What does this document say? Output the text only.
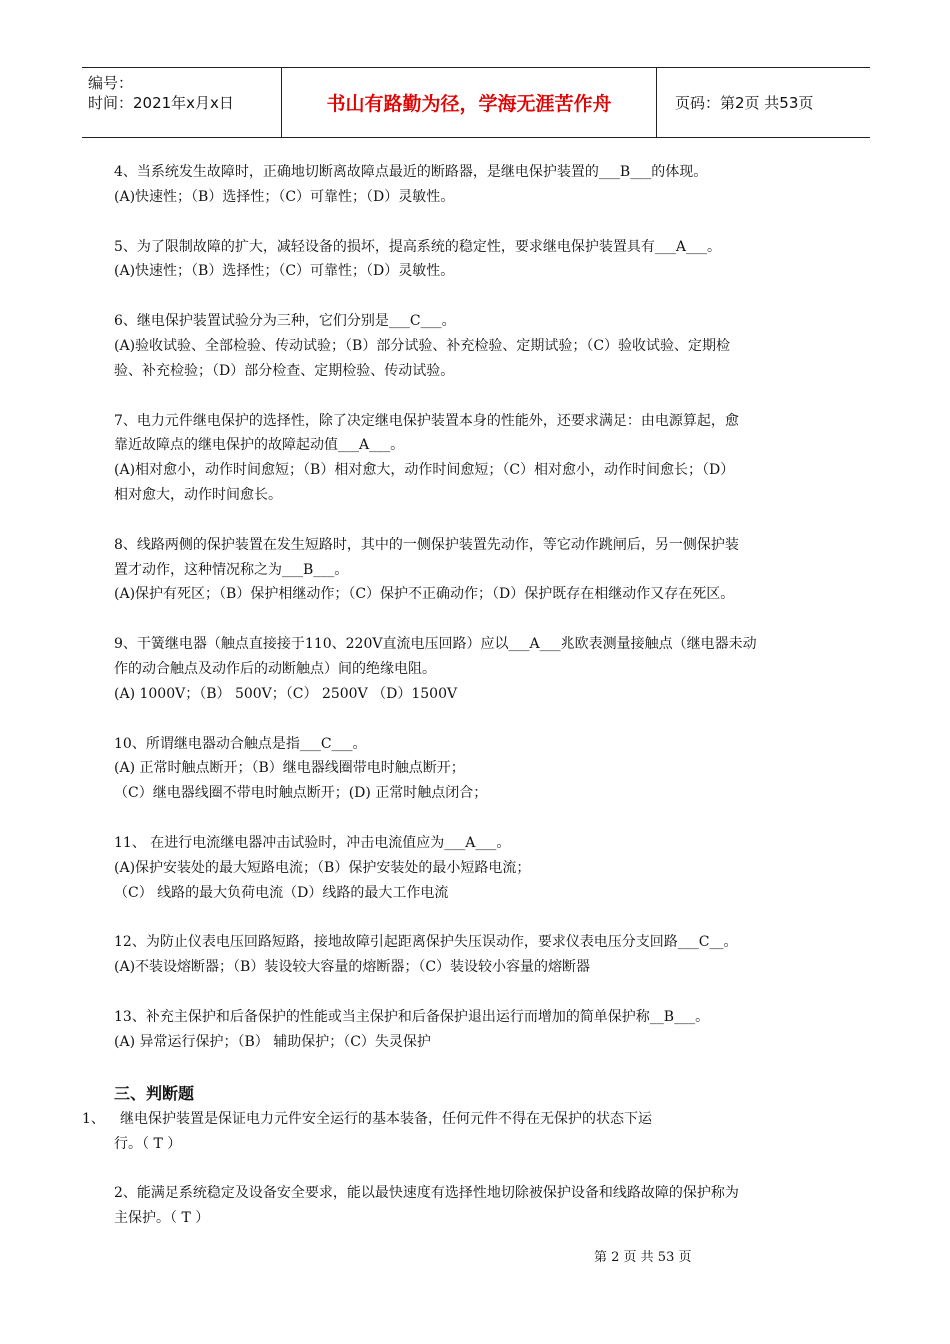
编号：
时间：2021年x月x日	书山有路勤为径，学海无涯苦作舟	页码：第2页 共53页

4、当系统发生故障时，正确地切断离故障点最近的断路器，是继电保护装置的___B___的体现。

(A)快速性；（B）选择性；（C）可靠性；（D）灵敏性。

5、为了限制故障的扩大，减轻设备的损坏，提高系统的稳定性，要求继电保护装置具有___A___。

(A)快速性；（B）选择性；（C）可靠性；（D）灵敏性。

6、继电保护装置试验分为三种，它们分别是___C___。

(A)验收试验、全部检验、传动试验；（B）部分试验、补充检验、定期试验；（C）验收试验、定期检

验、补充检验；（D）部分检查、定期检验、传动试验。

7、电力元件继电保护的选择性，除了决定继电保护装置本身的性能外，还要求满足：由电源算起，愈

靠近故障点的继电保护的故障起动值___A___。

(A)相对愈小，动作时间愈短；（B）相对愈大，动作时间愈短；（C）相对愈小，动作时间愈长；（D）

相对愈大，动作时间愈长。

8、线路两侧的保护装置在发生短路时，其中的一侧保护装置先动作，等它动作跳闸后，另一侧保护装

置才动作，这种情况称之为___B___。

(A)保护有死区；（B）保护相继动作；（C）保护不正确动作；（D）保护既存在相继动作又存在死区。

9、干簧继电器（触点直接接于110、220V直流电压回路）应以___A___兆欧表测量接触点（继电器未动

作的动合触点及动作后的动断触点）间的绝缘电阻。

(A) 1000V；（B） 500V；（C） 2500V （D）1500V

10、所谓继电器动合触点是指___C___。

(A) 正常时触点断开；（B）继电器线圈带电时触点断开；

（C）继电器线圈不带电时触点断开；(D) 正常时触点闭合；

11、 在进行电流继电器冲击试验时，冲击电流值应为___A___。

(A)保护安装处的最大短路电流；（B）保护安装处的最小短路电流；

（C） 线路的最大负荷电流（D）线路的最大工作电流

12、为防止仪表电压回路短路，接地故障引起距离保护失压误动作，要求仪表电压分支回路___C__。

(A)不装设熔断器；（B）装设较大容量的熔断器；（C）装设较小容量的熔断器

13、补充主保护和后备保护的性能或当主保护和后备保护退出运行而增加的简单保护称__B___。

(A) 异常运行保护；（B） 辅助保护；（C）失灵保护

三、判断题
1、 继电保护装置是保证电力元件安全运行的基本装备，任何元件不得在无保护的状态下运
行。（ T ）

2、能满足系统稳定及设备安全要求，能以最快速度有选择性地切除被保护设备和线路故障的保护称为

主保护。（ T ）

第 2 页 共 53 页
